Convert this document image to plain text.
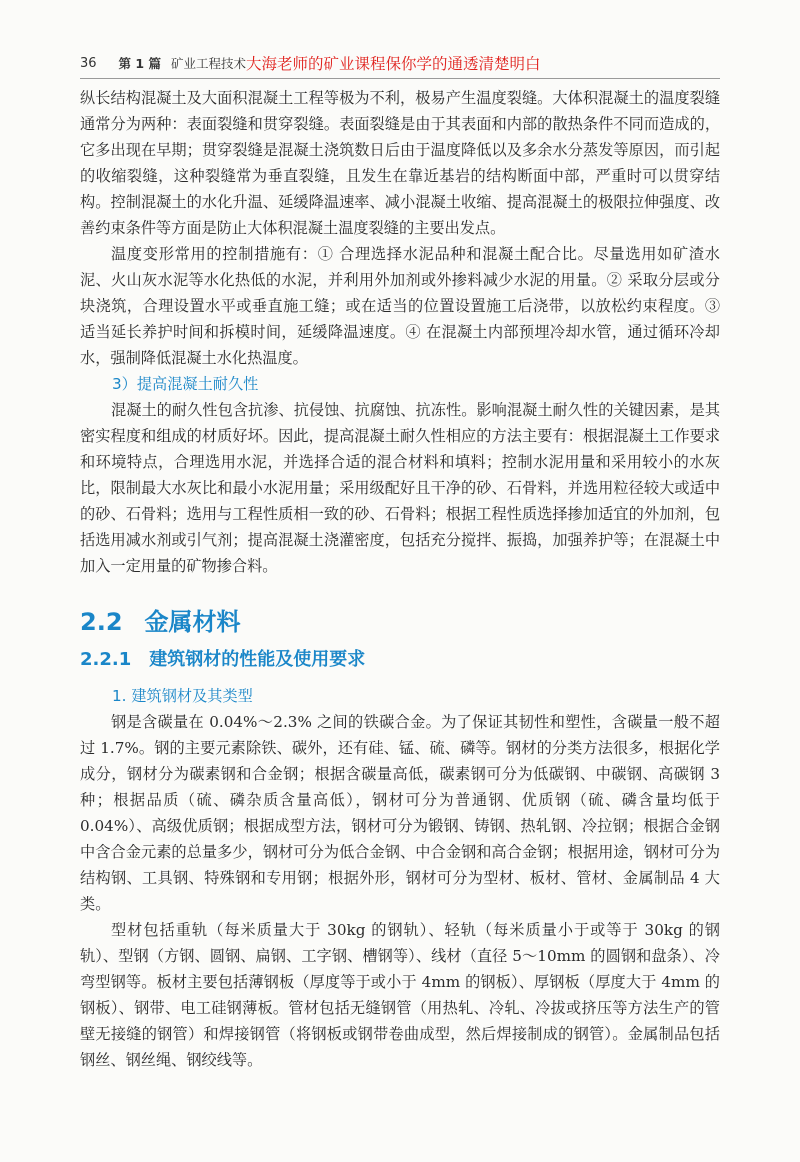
36 第 1 篇 矿业工程技术 大海老师的矿业课程保你学的通透清楚明白

纵长结构混凝土及大面积混凝土工程等极为不利，极易产生温度裂缝。大体积混凝土的温度裂缝通常分为两种：表面裂缝和贯穿裂缝。表面裂缝是由于其表面和内部的散热条件不同而造成的，它多出现在早期；贯穿裂缝是混凝土浇筑数日后由于温度降低以及多余水分蒸发等原因，而引起的收缩裂缝，这种裂缝常为垂直裂缝，且发生在靠近基岩的结构断面中部，严重时可以贯穿结构。控制混凝土的水化升温、延缓降温速率、减小混凝土收缩、提高混凝土的极限拉伸强度、改善约束条件等方面是防止大体积混凝土温度裂缝的主要出发点。

温度变形常用的控制措施有：① 合理选择水泥品种和混凝土配合比。尽量选用如矿渣水泥、火山灰水泥等水化热低的水泥，并利用外加剂或外掺料减少水泥的用量。② 采取分层或分块浇筑，合理设置水平或垂直施工缝；或在适当的位置设置施工后浇带，以放松约束程度。③ 适当延长养护时间和拆模时间，延缓降温速度。④ 在混凝土内部预埋冷却水管，通过循环冷却水，强制降低混凝土水化热温度。

3）提高混凝土耐久性

混凝土的耐久性包含抗渗、抗侵蚀、抗腐蚀、抗冻性。影响混凝土耐久性的关键因素，是其密实程度和组成的材质好坏。因此，提高混凝土耐久性相应的方法主要有：根据混凝土工作要求和环境特点，合理选用水泥，并选择合适的混合材料和填料；控制水泥用量和采用较小的水灰比，限制最大水灰比和最小水泥用量；采用级配好且干净的砂、石骨料，并选用粒径较大或适中的砂、石骨料；选用与工程性质相一致的砂、石骨料；根据工程性质选择掺加适宜的外加剂，包括选用减水剂或引气剂；提高混凝土浇灌密度，包括充分搅拌、振捣，加强养护等；在混凝土中加入一定用量的矿物掺合料。

2.2 金属材料
2.2.1 建筑钢材的性能及使用要求
1. 建筑钢材及其类型

钢是含碳量在 0.04%～2.3% 之间的铁碳合金。为了保证其韧性和塑性，含碳量一般不超过 1.7%。钢的主要元素除铁、碳外，还有硅、锰、硫、磷等。钢材的分类方法很多，根据化学成分，钢材分为碳素钢和合金钢；根据含碳量高低，碳素钢可分为低碳钢、中碳钢、高碳钢 3 种；根据品质（硫、磷杂质含量高低），钢材可分为普通钢、优质钢（硫、磷含量均低于 0.04%）、高级优质钢；根据成型方法，钢材可分为锻钢、铸钢、热轧钢、冷拉钢；根据合金钢中含合金元素的总量多少，钢材可分为低合金钢、中合金钢和高合金钢；根据用途，钢材可分为结构钢、工具钢、特殊钢和专用钢；根据外形，钢材可分为型材、板材、管材、金属制品 4 大类。

型材包括重轨（每米质量大于 30kg 的钢轨）、轻轨（每米质量小于或等于 30kg 的钢轨）、型钢（方钢、圆钢、扁钢、工字钢、槽钢等）、线材（直径 5～10mm 的圆钢和盘条）、冷弯型钢等。板材主要包括薄钢板（厚度等于或小于 4mm 的钢板）、厚钢板（厚度大于 4mm 的钢板）、钢带、电工硅钢薄板。管材包括无缝钢管（用热轧、冷轧、冷拔或挤压等方法生产的管壁无接缝的钢管）和焊接钢管（将钢板或钢带卷曲成型，然后焊接制成的钢管）。金属制品包括钢丝、钢丝绳、钢绞线等。
